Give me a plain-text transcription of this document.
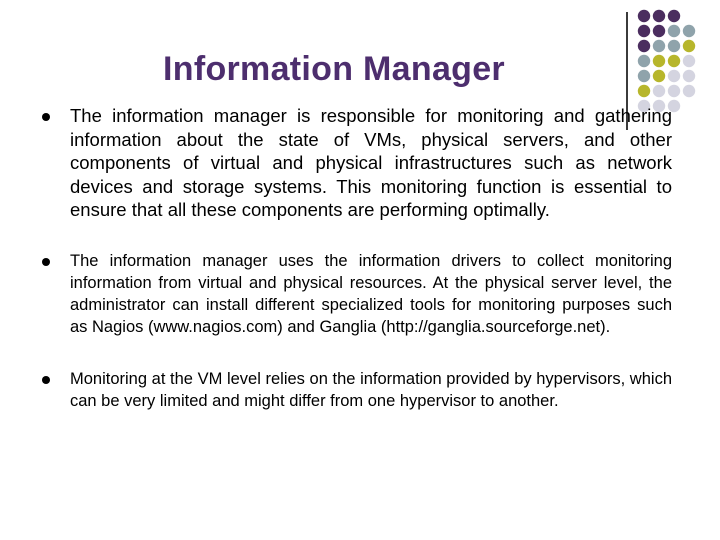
Information Manager
The information manager is responsible for monitoring and gathering information about the state of VMs, physical servers, and other components of virtual and physical infrastructures such as network devices and storage systems. This monitoring function is essential to ensure that all these components are performing optimally.
The information manager uses the information drivers to collect monitoring information from virtual and physical resources. At the physical server level, the administrator can install different specialized tools for monitoring purposes such as Nagios (www.nagios.com) and Ganglia (http://ganglia.sourceforge.net).
Monitoring at the VM level relies on the information provided by hypervisors, which can be very limited and might differ from one hypervisor to another.
